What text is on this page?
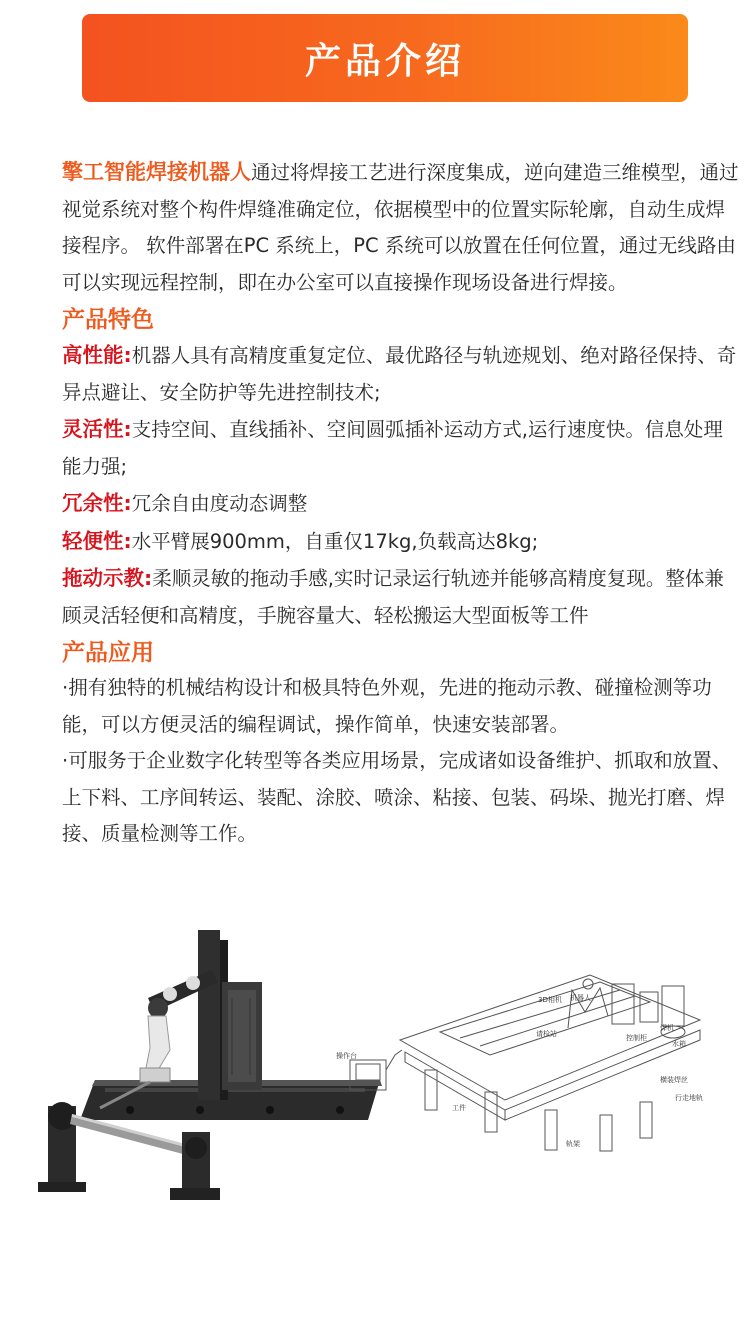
产品介绍

擎工智能焊接机器人通过将焊接工艺进行深度集成，逆向建造三维模型，通过视觉系统对整个构件焊缝准确定位，依据模型中的位置实际轮廓，自动生成焊接程序。 软件部署在PC 系统上，PC 系统可以放置在任何位置，通过无线路由可以实现远程控制，即在办公室可以直接操作现场设备进行焊接。

产品特色

高性能:机器人具有高精度重复定位、最优路径与轨迹规划、绝对路径保持、奇异点避让、安全防护等先进控制技术;

灵活性:支持空间、直线插补、空间圆弧插补运动方式,运行速度快。信息处理能力强;

冗余性:冗余自由度动态调整

轻便性:水平臂展900mm，自重仅17kg,负载高达8kg;

拖动示教:柔顺灵敏的拖动手感,实时记录运行轨迹并能够高精度复现。整体兼顾灵活轻便和高精度，手腕容量大、轻松搬运大型面板等工件

产品应用

·拥有独特的机械结构设计和极具特色外观，先进的拖动示教、碰撞检测等功能，可以方便灵活的编程调试，操作简单，快速安装部署。

·可服务于企业数字化转型等各类应用场景，完成诸如设备维护、抓取和放置、上下料、工序间转运、装配、涂胶、喷涂、粘接、包装、码垛、抛光打磨、焊接、质量检测等工作。

3D相机 机器人
请检站	控制柜
焊机
水箱
操作台
横装焊丝
工件
行走地轨
轨架
